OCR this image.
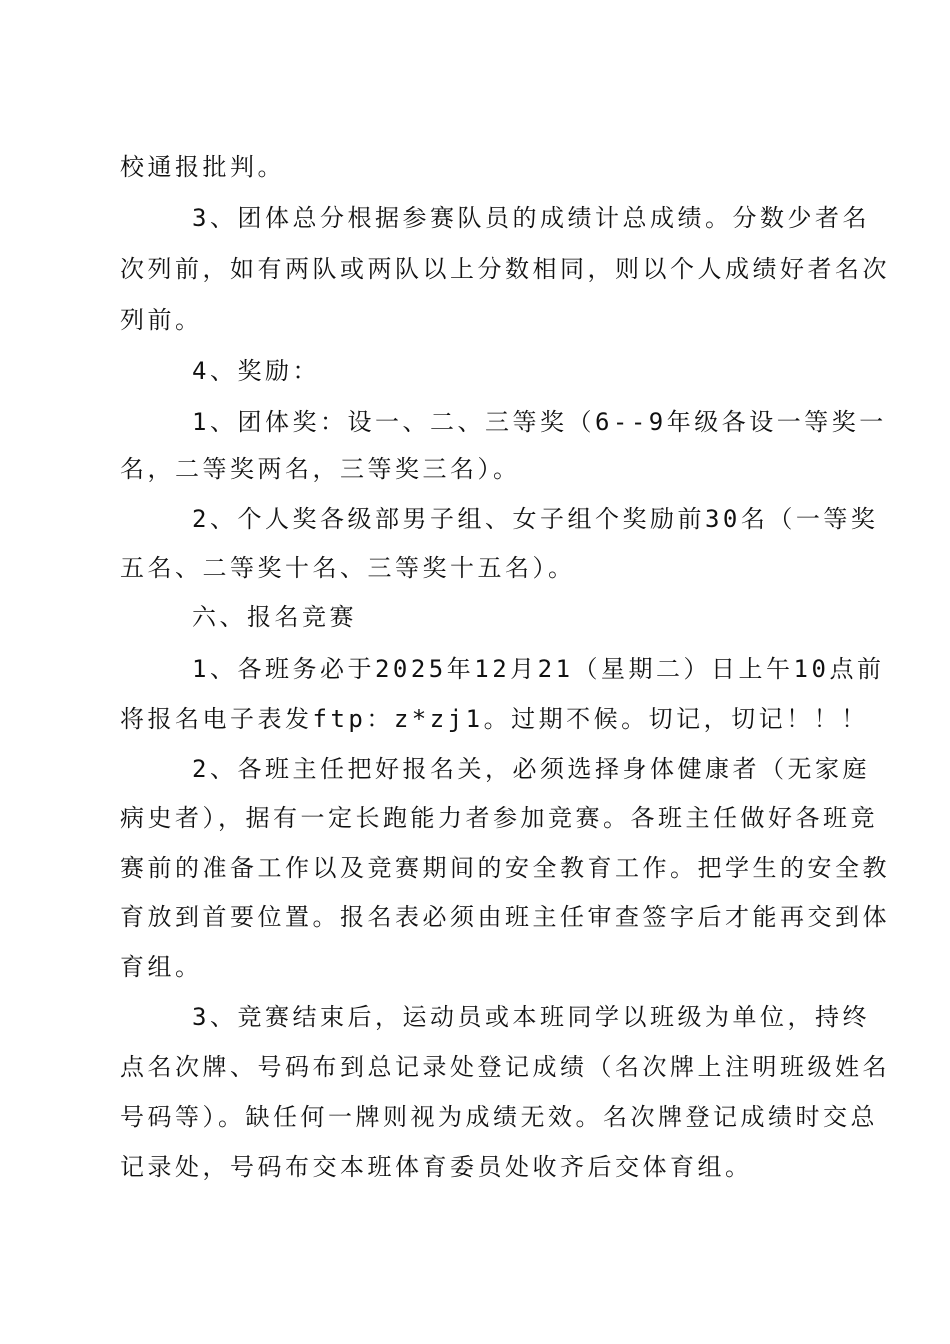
校通报批判。

3、团体总分根据参赛队员的成绩计总成绩。分数少者名

次列前，如有两队或两队以上分数相同，则以个人成绩好者名次

列前。

4、奖励：

1、团体奖：设一、二、三等奖（6--9年级各设一等奖一

名，二等奖两名，三等奖三名）。

2、个人奖各级部男子组、女子组个奖励前30名（一等奖

五名、二等奖十名、三等奖十五名）。

六、报名竞赛

1、各班务必于2025年12月21（星期二）日上午10点前

将报名电子表发ftp：z*zj1。过期不候。切记，切记！！！

2、各班主任把好报名关，必须选择身体健康者（无家庭

病史者），据有一定长跑能力者参加竞赛。各班主任做好各班竞

赛前的准备工作以及竞赛期间的安全教育工作。把学生的安全教

育放到首要位置。报名表必须由班主任审查签字后才能再交到体

育组。

3、竞赛结束后，运动员或本班同学以班级为单位，持终

点名次牌、号码布到总记录处登记成绩（名次牌上注明班级姓名

号码等）。缺任何一牌则视为成绩无效。名次牌登记成绩时交总

记录处，号码布交本班体育委员处收齐后交体育组。
